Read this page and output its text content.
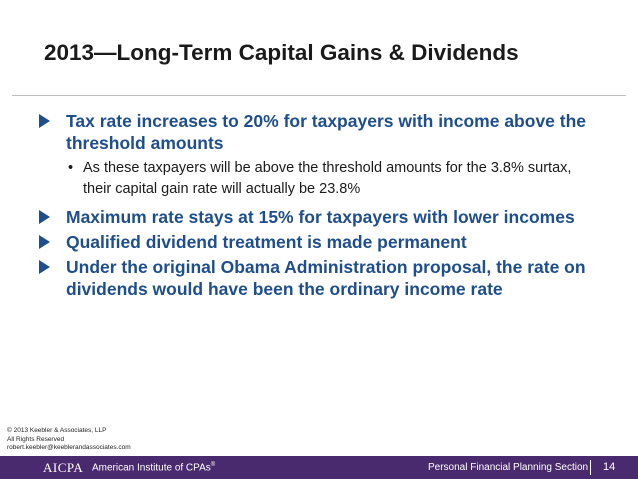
2013—Long-Term Capital Gains & Dividends
Tax rate increases to 20% for taxpayers with income above the threshold amounts
• As these taxpayers will be above the threshold amounts for the 3.8% surtax, their capital gain rate will actually be 23.8%
Maximum rate stays at 15% for taxpayers with lower incomes
Qualified dividend treatment is made permanent
Under the original Obama Administration proposal, the rate on dividends would have been the ordinary income rate
© 2013 Keebler & Associates, LLP
All Rights Reserved
robert.keebler@keeblerandassociates.com
AICPA American Institute of CPAs®	Personal Financial Planning Section 14
